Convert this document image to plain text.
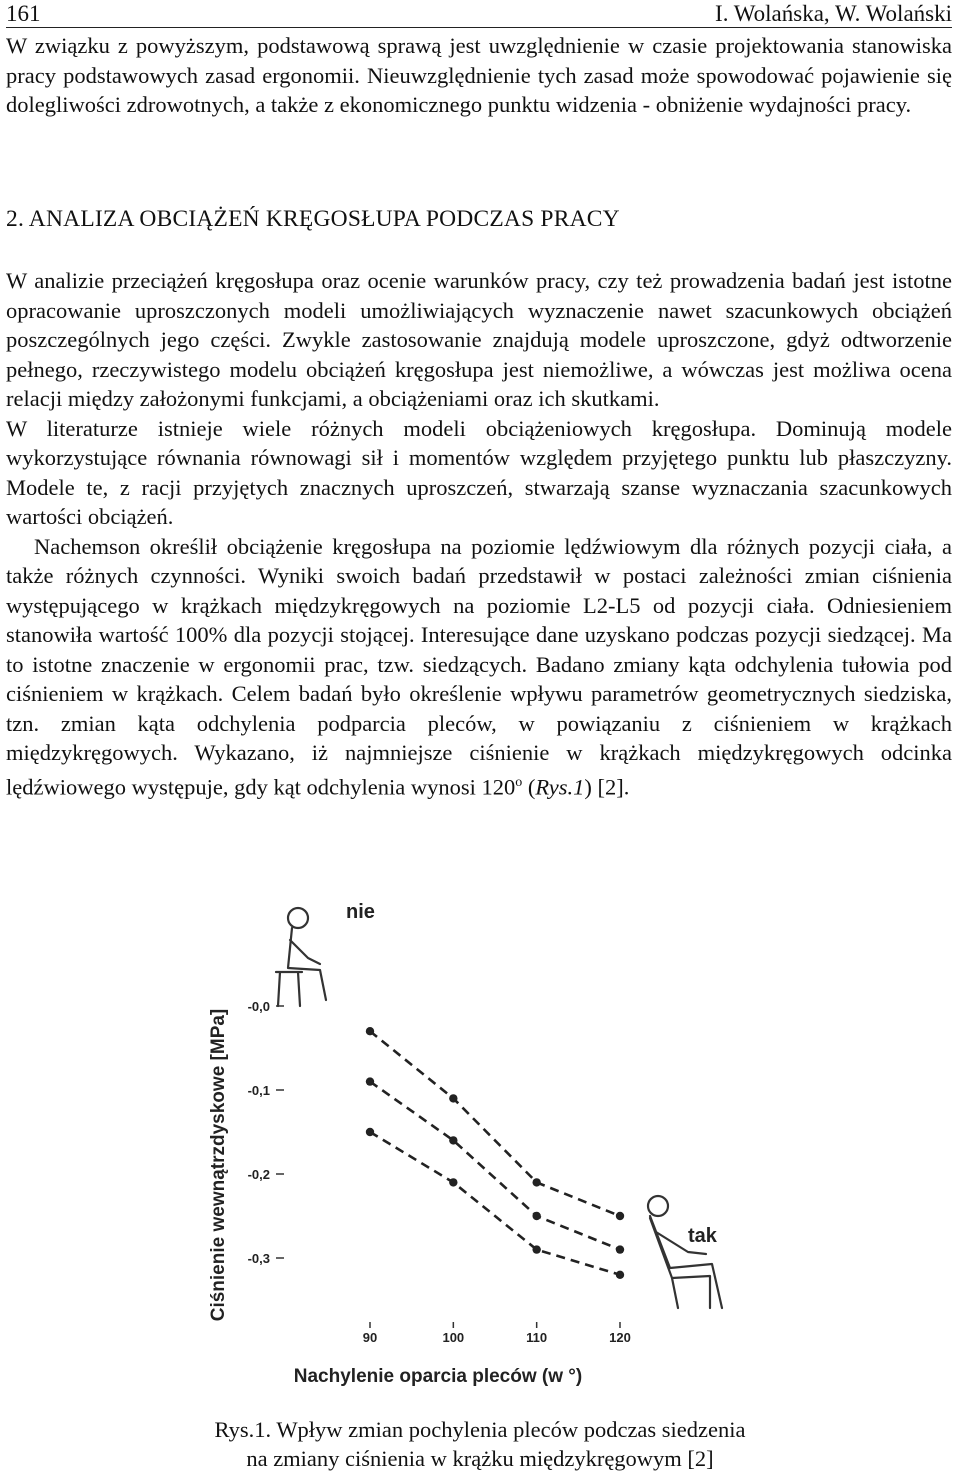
161	I. Wolańska, W. Wolański

W związku z powyższym, podstawową sprawą jest uwzględnienie w czasie projektowania stanowiska pracy podstawowych zasad ergonomii. Nieuwzględnienie tych zasad może spowodować pojawienie się dolegliwości zdrowotnych, a także z ekonomicznego punktu widzenia - obniżenie wydajności pracy.

2. ANALIZA OBCIĄŻEŃ KRĘGOSŁUPA PODCZAS PRACY

W analizie przeciążeń kręgosłupa oraz ocenie warunków pracy, czy też prowadzenia badań jest istotne opracowanie uproszczonych modeli umożliwiających wyznaczenie nawet szacunkowych obciążeń poszczególnych jego części. Zwykle zastosowanie znajdują modele uproszczone, gdyż odtworzenie pełnego, rzeczywistego modelu obciążeń kręgosłupa jest niemożliwe, a wówczas jest możliwa ocena relacji między założonymi funkcjami, a obciążeniami oraz ich skutkami.

W literaturze istnieje wiele różnych modeli obciążeniowych kręgosłupa. Dominują modele wykorzystujące równania równowagi sił i momentów względem przyjętego punktu lub płaszczyzny. Modele te, z racji przyjętych znacznych uproszczeń, stwarzają szanse wyznaczania szacunkowych wartości obciążeń.

Nachemson określił obciążenie kręgosłupa na poziomie lędźwiowym dla różnych pozycji ciała, a także różnych czynności. Wyniki swoich badań przedstawił w postaci zależności zmian ciśnienia występującego w krążkach międzykręgowych na poziomie L2-L5 od pozycji ciała. Odniesieniem stanowiła wartość 100% dla pozycji stojącej. Interesujące dane uzyskano podczas pozycji siedzącej. Ma to istotne znaczenie w ergonomii prac, tzw. siedzących. Badano zmiany kąta odchylenia tułowia pod ciśnieniem w krążkach. Celem badań było określenie wpływu parametrów geometrycznych siedziska, tzn. zmian kąta odchylenia podparcia pleców, w powiązaniu z ciśnieniem w krążkach międzykręgowych. Wykazano, iż najmniejsze ciśnienie w krążkach międzykręgowych odcinka lędźwiowego występuje, gdy kąt odchylenia wynosi 120$^o$ (Rys.1) [2].

Ciśnienie wewnątrzdyskowe [MPa]
-0,0
-0,1
-0,2
-0,3
90	100	110	120
Nachylenie oparcia pleców (w °)
nie
tak
Rys.1. Wpływ zmian pochylenia pleców podczas siedzenia
na zmiany ciśnienia w krążku międzykręgowym [2]
